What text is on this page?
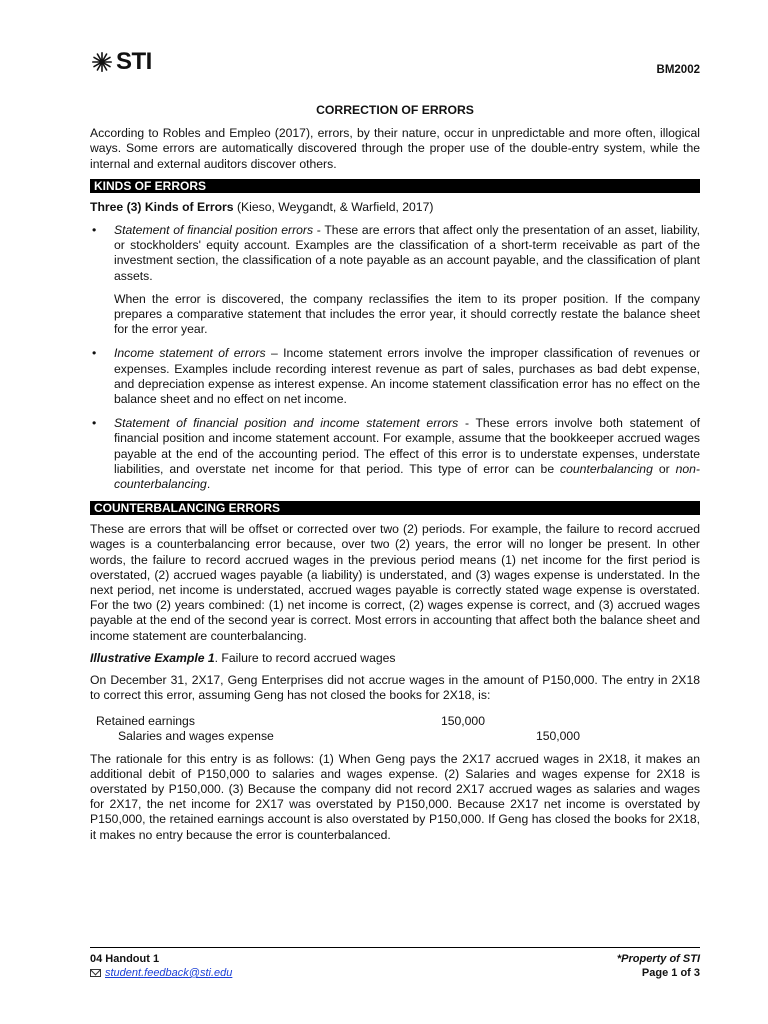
STI	BM2002
CORRECTION OF ERRORS

According to Robles and Empleo (2017), errors, by their nature, occur in unpredictable and more often, illogical ways. Some errors are automatically discovered through the proper use of the double-entry system, while the internal and external auditors discover others.

KINDS OF ERRORS
Three (3) Kinds of Errors (Kieso, Weygandt, & Warfield, 2017)
• Statement of financial position errors - These are errors that affect only the presentation of an asset, liability, or stockholders' equity account. Examples are the classification of a short-term receivable as part of the investment section, the classification of a note payable as an account payable, and the classification of plant assets.

When the error is discovered, the company reclassifies the item to its proper position. If the company prepares a comparative statement that includes the error year, it should correctly restate the balance sheet for the error year.

• Income statement of errors – Income statement errors involve the improper classification of revenues or expenses. Examples include recording interest revenue as part of sales, purchases as bad debt expense, and depreciation expense as interest expense. An income statement classification error has no effect on the balance sheet and no effect on net income.

• Statement of financial position and income statement errors - These errors involve both statement of financial position and income statement account. For example, assume that the bookkeeper accrued wages payable at the end of the accounting period. The effect of this error is to understate expenses, understate liabilities, and overstate net income for that period. This type of error can be counterbalancing or non-counterbalancing.

COUNTERBALANCING ERRORS

These are errors that will be offset or corrected over two (2) periods. For example, the failure to record accrued wages is a counterbalancing error because, over two (2) years, the error will no longer be present. In other words, the failure to record accrued wages in the previous period means (1) net income for the first period is overstated, (2) accrued wages payable (a liability) is understated, and (3) wages expense is understated. In the next period, net income is understated, accrued wages payable is correctly stated wage expense is overstated. For the two (2) years combined: (1) net income is correct, (2) wages expense is correct, and (3) accrued wages payable at the end of the second year is correct. Most errors in accounting that affect both the balance sheet and income statement are counterbalancing.

Illustrative Example 1. Failure to record accrued wages

On December 31, 2X17, Geng Enterprises did not accrue wages in the amount of P150,000. The entry in 2X18 to correct this error, assuming Geng has not closed the books for 2X18, is:

Retained earnings	150,000
Salaries and wages expense	150,000

The rationale for this entry is as follows: (1) When Geng pays the 2X17 accrued wages in 2X18, it makes an additional debit of P150,000 to salaries and wages expense. (2) Salaries and wages expense for 2X18 is overstated by P150,000. (3) Because the company did not record 2X17 accrued wages as salaries and wages for 2X17, the net income for 2X17 was overstated by P150,000. Because 2X17 net income is overstated by P150,000, the retained earnings account is also overstated by P150,000. If Geng has closed the books for 2X18, it makes no entry because the error is counterbalanced.

04 Handout 1
student.feedback@sti.edu
*Property of STI
Page 1 of 3
